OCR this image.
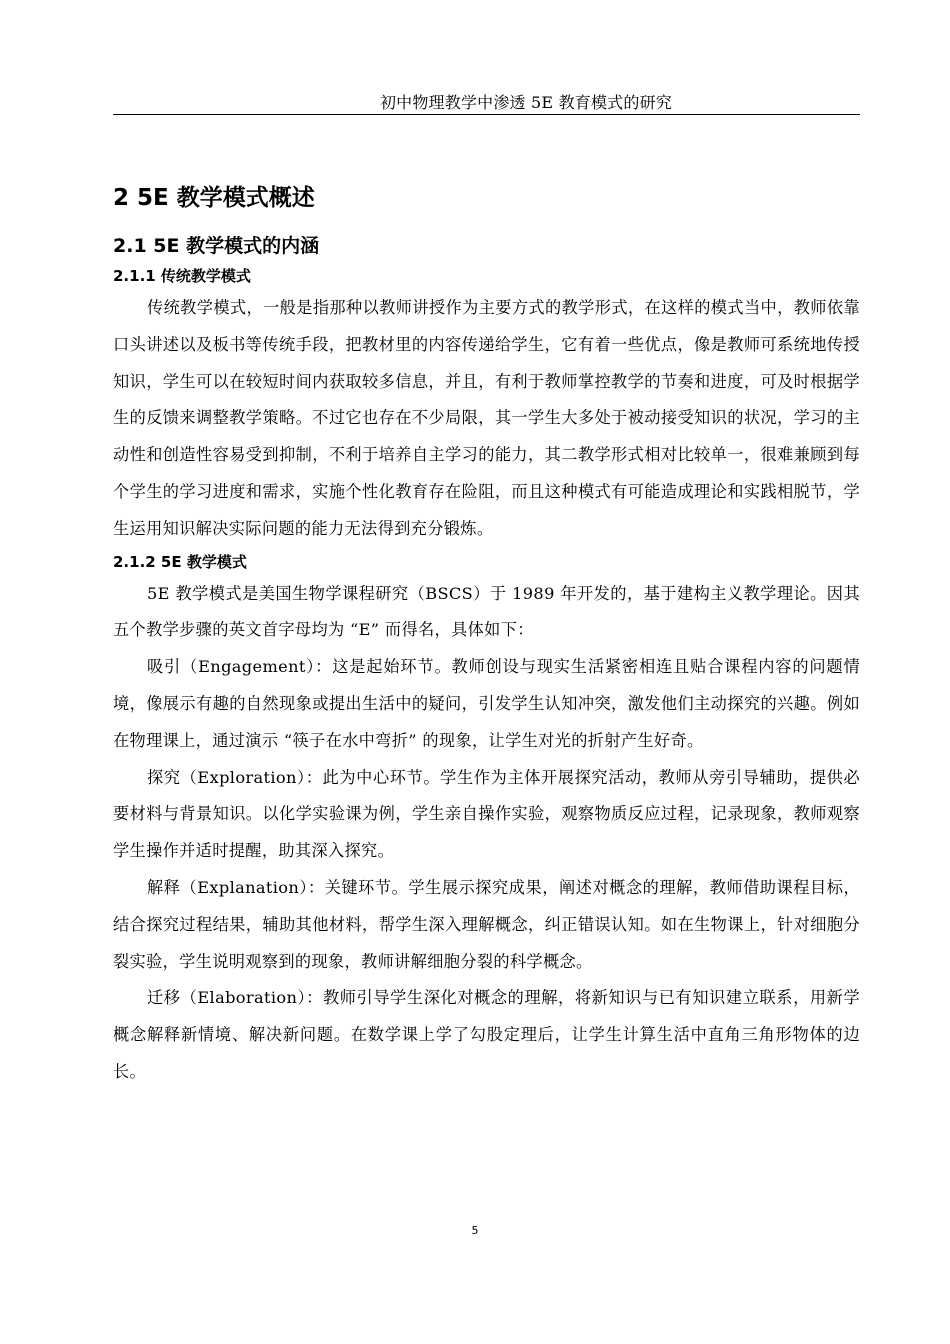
初中物理教学中渗透 5E 教育模式的研究
2 5E 教学模式概述
2.1 5E 教学模式的内涵
2.1.1 传统教学模式

传统教学模式，一般是指那种以教师讲授作为主要方式的教学形式，在这样的模式当中，教师依靠口头讲述以及板书等传统手段，把教材里的内容传递给学生，它有着一些优点，像是教师可系统地传授知识，学生可以在较短时间内获取较多信息，并且，有利于教师掌控教学的节奏和进度，可及时根据学生的反馈来调整教学策略。不过它也存在不少局限，其一学生大多处于被动接受知识的状况，学习的主动性和创造性容易受到抑制，不利于培养自主学习的能力，其二教学形式相对比较单一，很难兼顾到每个学生的学习进度和需求，实施个性化教育存在险阻，而且这种模式有可能造成理论和实践相脱节，学生运用知识解决实际问题的能力无法得到充分锻炼。

2.1.2 5E 教学模式

5E 教学模式是美国生物学课程研究（BSCS）于 1989 年开发的，基于建构主义教学理论。因其五个教学步骤的英文首字母均为 “E” 而得名，具体如下：

吸引（Engagement）：这是起始环节。教师创设与现实生活紧密相连且贴合课程内容的问题情境，像展示有趣的自然现象或提出生活中的疑问，引发学生认知冲突，激发他们主动探究的兴趣。例如在物理课上，通过演示 “筷子在水中弯折” 的现象，让学生对光的折射产生好奇。

探究（Exploration）：此为中心环节。学生作为主体开展探究活动，教师从旁引导辅助，提供必要材料与背景知识。以化学实验课为例，学生亲自操作实验，观察物质反应过程，记录现象，教师观察学生操作并适时提醒，助其深入探究。

解释（Explanation）：关键环节。学生展示探究成果，阐述对概念的理解，教师借助课程目标，结合探究过程结果，辅助其他材料，帮学生深入理解概念，纠正错误认知。如在生物课上，针对细胞分裂实验，学生说明观察到的现象，教师讲解细胞分裂的科学概念。

迁移（Elaboration）：教师引导学生深化对概念的理解，将新知识与已有知识建立联系，用新学概念解释新情境、解决新问题。在数学课上学了勾股定理后，让学生计算生活中直角三角形物体的边长。

5
